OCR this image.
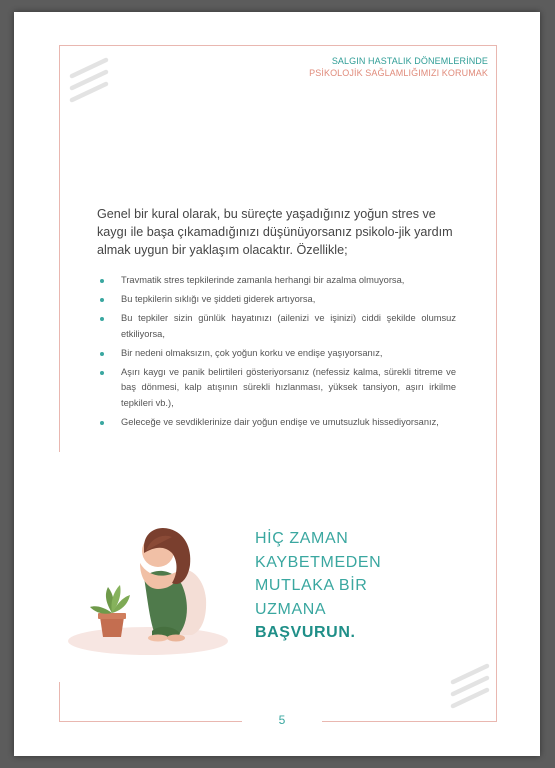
SALGIN HASTALIK DÖNEMLERİNDE
PSİKOLOJİK SAĞLAMLIĞIMIZI KORUMAK
Genel bir kural olarak, bu süreçte yaşadığınız yoğun stres ve kaygı ile başa çıkamadığınızı düşünüyorsanız psikolo-jik yardım almak uygun bir yaklaşım olacaktır. Özellikle;
Travmatik stres tepkilerinde zamanla herhangi bir azalma olmuyorsa,
Bu tepkilerin sıklığı ve şiddeti giderek artıyorsa,
Bu tepkiler sizin günlük hayatınızı (ailenizi ve işinizi) ciddi şekilde olumsuz etkiliyorsa,
Bir nedeni olmaksızın, çok yoğun korku ve endişe yaşıyorsanız,
Aşırı kaygı ve panik belirtileri gösteriyorsanız (nefessiz kalma, sürekli titreme ve baş dönmesi, kalp atışının sürekli hızlanması, yüksek tansiyon, aşırı irkilme tepkileri vb.),
Geleceğe ve sevdiklerinize dair yoğun endişe ve umutsuzluk hissediyorsanız,
HİÇ ZAMAN
KAYBETMEDEN
MUTLAKA BİR
UZMANA
BAŞVURUN.
5
